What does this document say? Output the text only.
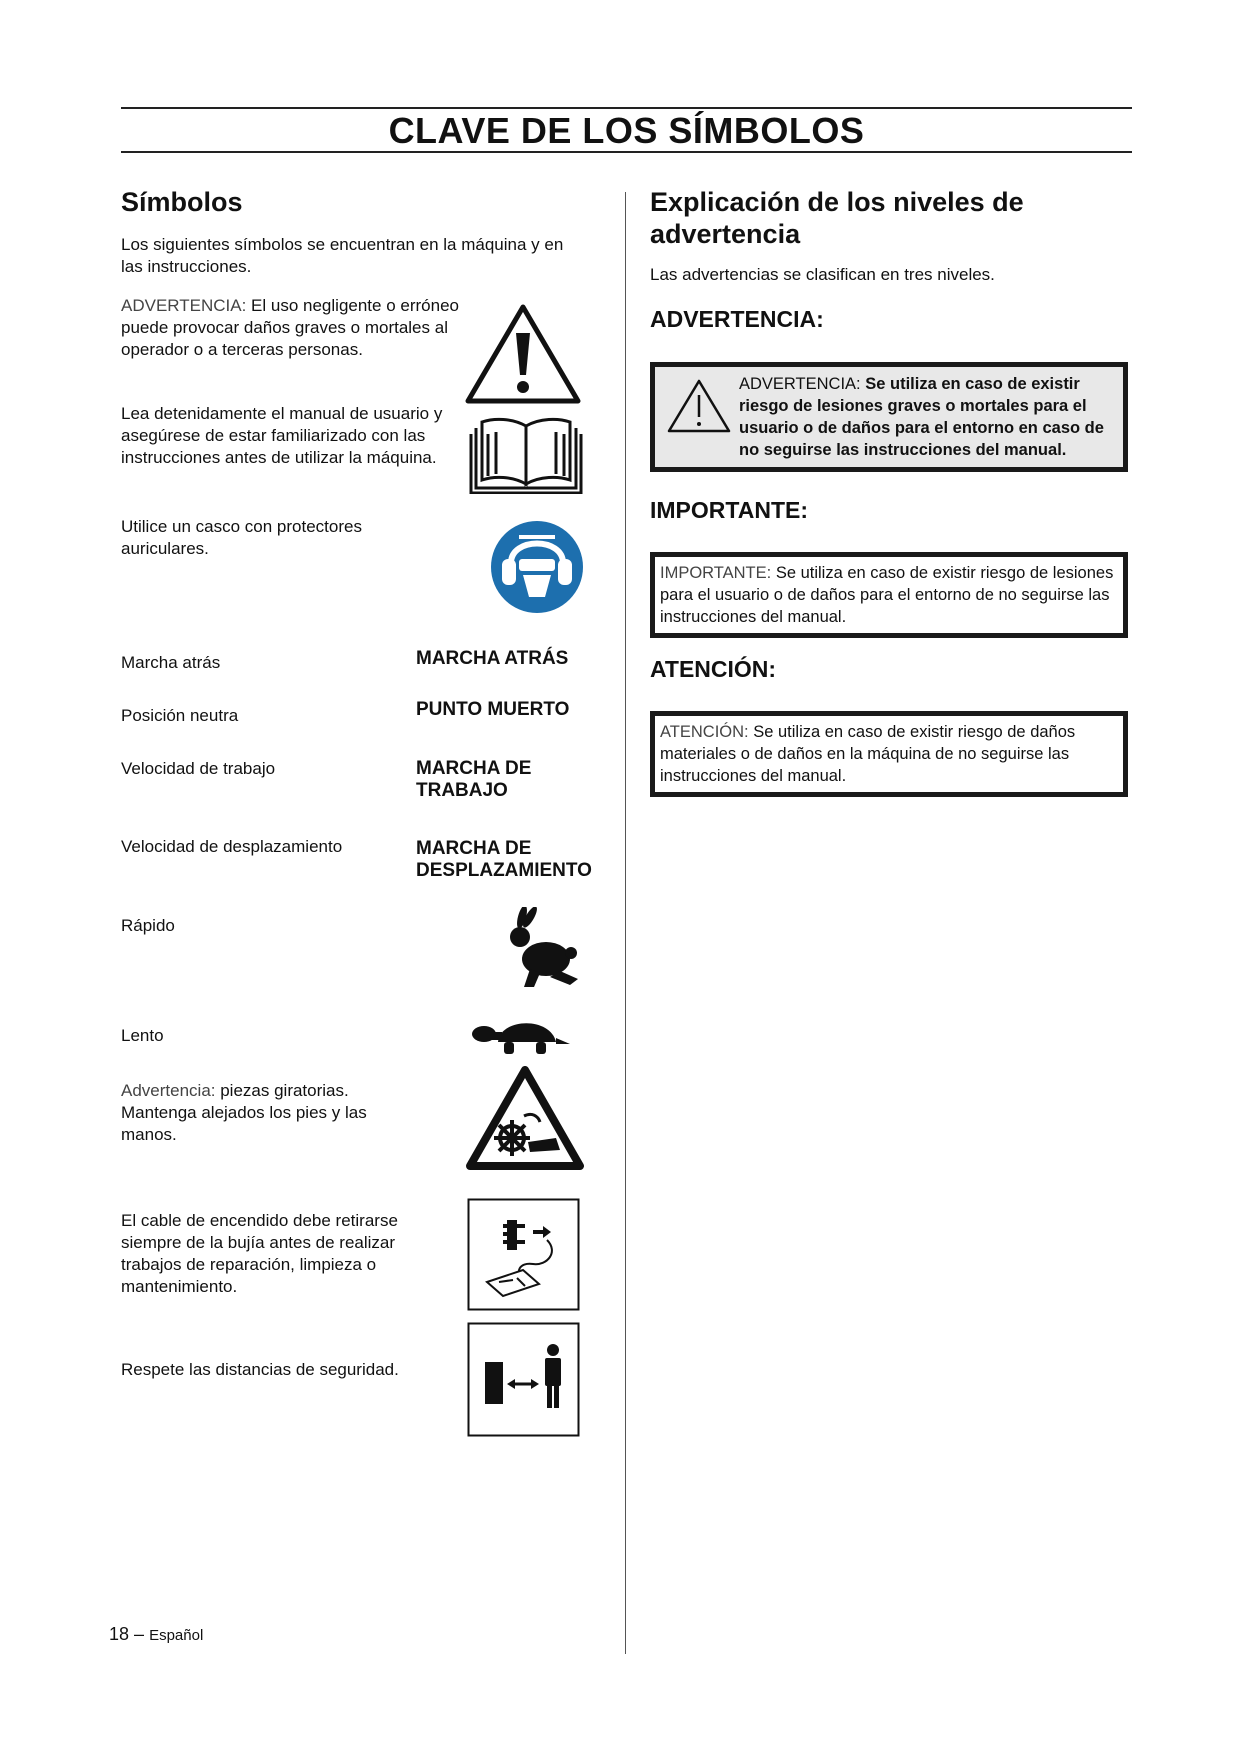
CLAVE DE LOS SÍMBOLOS
Símbolos
Los siguientes símbolos se encuentran en la máquina y en las instrucciones.
ADVERTENCIA: El uso negligente o erróneo puede provocar daños graves o mortales al operador o a terceras personas.
Lea detenidamente el manual de usuario y asegúrese de estar familiarizado con las instrucciones antes de utilizar la máquina.
Utilice un casco con protectores auriculares.
Marcha atrás	MARCHA ATRÁS
Posición neutra	PUNTO MUERTO
Velocidad de trabajo	MARCHA DE TRABAJO
Velocidad de desplazamiento	MARCHA DE DESPLAZAMIENTO
Rápido
Lento
Advertencia: piezas giratorias. Mantenga alejados los pies y las manos.
El cable de encendido debe retirarse siempre de la bujía antes de realizar trabajos de reparación, limpieza o mantenimiento.
Respete las distancias de seguridad.
Explicación de los niveles de advertencia
Las advertencias se clasifican en tres niveles.
ADVERTENCIA:
ADVERTENCIA: Se utiliza en caso de existir riesgo de lesiones graves o mortales para el usuario o de daños para el entorno en caso de no seguirse las instrucciones del manual.
IMPORTANTE:
IMPORTANTE: Se utiliza en caso de existir riesgo de lesiones para el usuario o de daños para el entorno de no seguirse las instrucciones del manual.
ATENCIÓN:
ATENCIÓN: Se utiliza en caso de existir riesgo de daños materiales o de daños en la máquina de no seguirse las instrucciones del manual.
18 – Español
